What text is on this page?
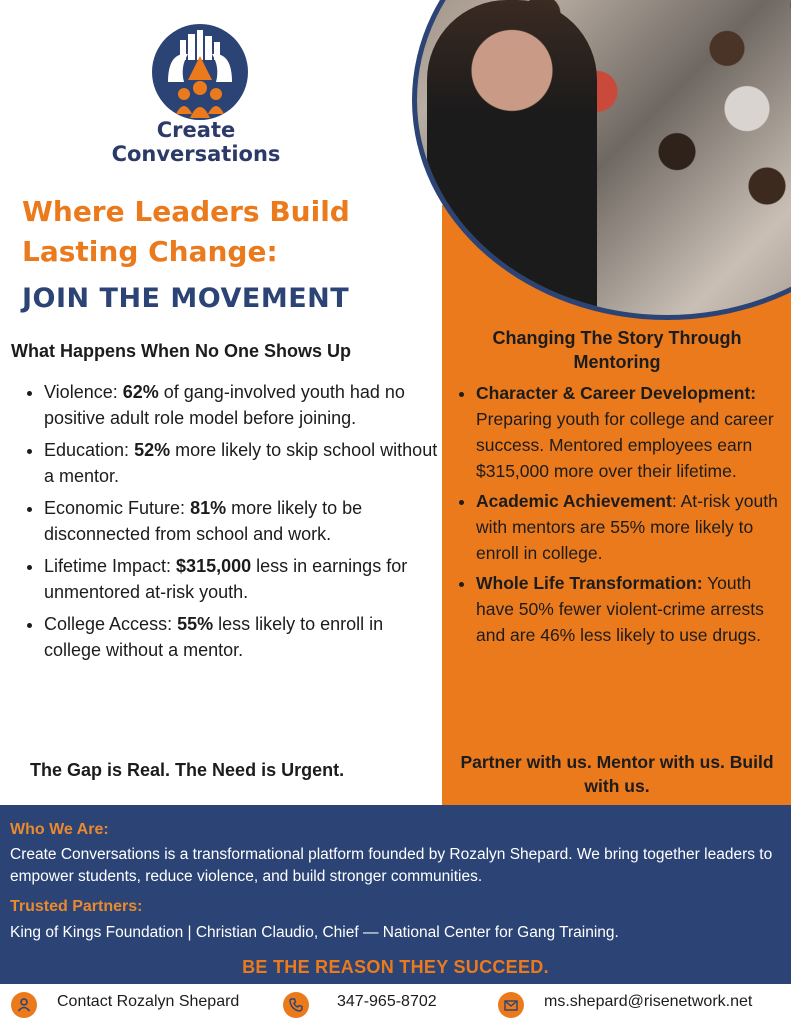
Create
Conversations
Where Leaders Build
Lasting Change:
JOIN THE MOVEMENT
What Happens When No One Shows Up
• Violence: 62% of gang-involved youth had no positive adult role model before joining.
• Education: 52% more likely to skip school without a mentor.
• Economic Future: 81% more likely to be disconnected from school and work.
• Lifetime Impact: $315,000 less in earnings for unmentored at-risk youth.
• College Access: 55% less likely to enroll in college without a mentor.

The Gap is Real. The Need is Urgent.

Changing The Story Through Mentoring
• Character & Career Development: Preparing youth for college and career success. Mentored employees earn $315,000 more over their lifetime.
• Academic Achievement: At-risk youth with mentors are 55% more likely to enroll in college.
• Whole Life Transformation: Youth have 50% fewer violent-crime arrests and are 46% less likely to use drugs.

Partner with us. Mentor with us. Build with us.

Who We Are:

Create Conversations is a transformational platform founded by Rozalyn Shepard. We bring together leaders to empower students, reduce violence, and build stronger communities.

Trusted Partners:

King of Kings Foundation | Christian Claudio, Chief — National Center for Gang Training.

BE THE REASON THEY SUCCEED.

Contact Rozalyn Shepard	347-965-8702	ms.shepard@risenetwork.net
